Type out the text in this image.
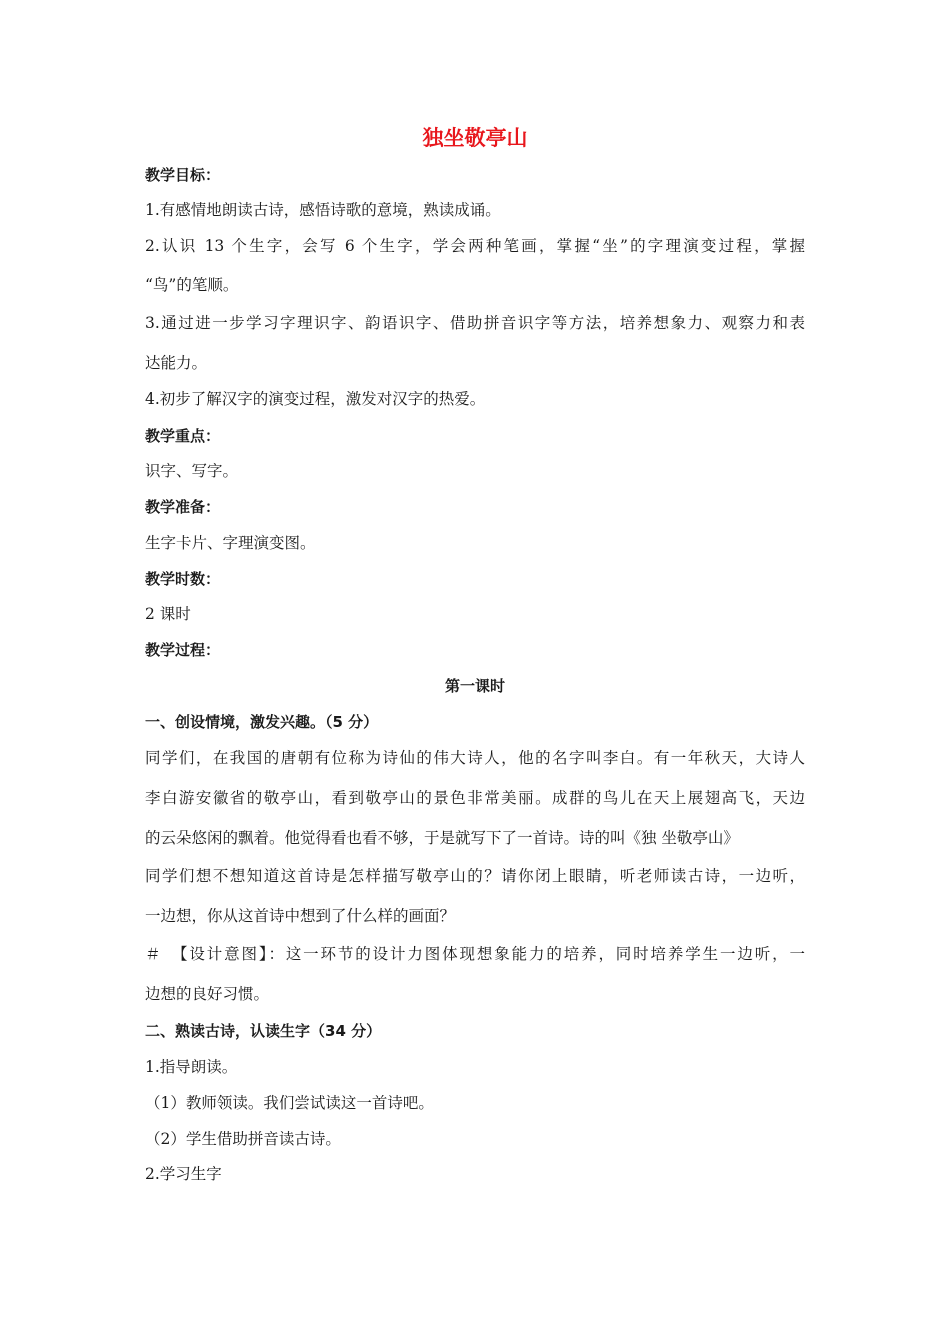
独坐敬亭山
教学目标：
1.有感情地朗读古诗，感悟诗歌的意境，熟读成诵。
2.认识 13 个生字，会写 6 个生字，学会两种笔画，掌握“坐”的字理演变过程，掌握
“鸟”的笔顺。
3.通过进一步学习字理识字、韵语识字、借助拼音识字等方法，培养想象力、观察力和表
达能力。
4.初步了解汉字的演变过程，激发对汉字的热爱。
教学重点：
识字、写字。
教学准备：
生字卡片、字理演变图。
教学时数：
2 课时
教学过程：
第一课时
一、创设情境，激发兴趣。（5 分）
同学们，在我国的唐朝有位称为诗仙的伟大诗人，他的名字叫李白。有一年秋天，大诗人
李白游安徽省的敬亭山，看到敬亭山的景色非常美丽。成群的鸟儿在天上展翅高飞，天边
的云朵悠闲的飘着。他觉得看也看不够，于是就写下了一首诗。诗的叫《独 坐敬亭山》
同学们想不想知道这首诗是怎样描写敬亭山的？请你闭上眼睛，听老师读古诗，一边听，
一边想，你从这首诗中想到了什么样的画面？
＃　【设计意图】：这一环节的设计力图体现想象能力的培养，同时培养学生一边听，一
边想的良好习惯。
二、熟读古诗，认读生字（34 分）
1.指导朗读。
（1）教师领读。我们尝试读这一首诗吧。
（2）学生借助拼音读古诗。
2.学习生字
